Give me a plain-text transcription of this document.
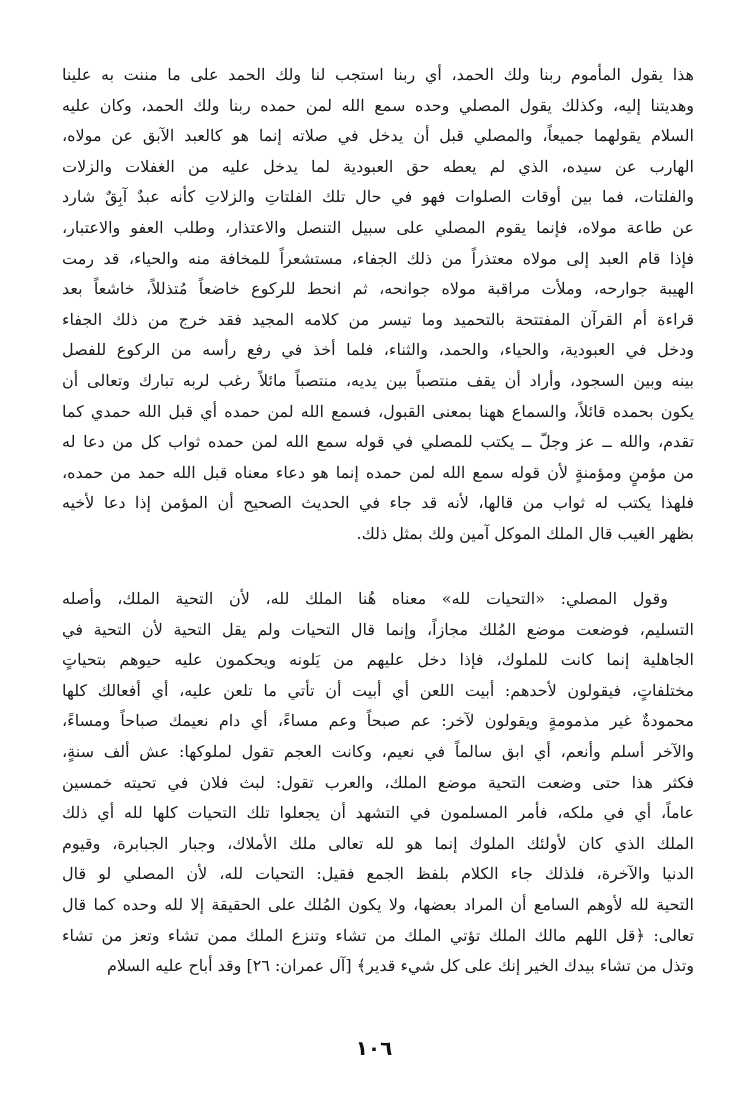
هذا يقول المأموم ربنا ولك الحمد، أي ربنا استجب لنا ولك الحمد على ما مننت به علينا
وهديتنا إليه، وكذلك يقول المصلي وحده سمع الله لمن حمده ربنا ولك الحمد، وكان عليه
السلام يقولهما جميعاً، والمصلي قبل أن يدخل في صلاته إنما هو كالعبد الآبق عن مولاه،
الهارب عن سيده، الذي لم يعطه حق العبودية لما يدخل عليه من الغفلات والزلات
والفلتات، فما بين أوقات الصلوات فهو في حال تلك الفلتاتِ والزلاتِ كأنه عبدٌ آبِقٌ شارد
عن طاعة مولاه، فإنما يقوم المصلي على سبيل التنصل والاعتذار، وطلب العفو والاعتبار،
فإذا قام العبد إلى مولاه معتذراً من ذلك الجفاء، مستشعراً للمخافة منه والحياء، قد رمت
الهيبة جوارحه، وملأت مراقبة مولاه جوانحه، ثم انحط للركوع خاضعاً مُتذللاً، خاشعاً بعد
قراءة أم القرآن المفتتحة بالتحميد وما تيسر من كلامه المجيد فقد خرج من ذلك الجفاء
ودخل في العبودية، والحياء، والحمد، والثناء، فلما أخذ في رفع رأسه من الركوع للفصل
بينه وبين السجود، وأراد أن يقف منتصباً بين يديه، منتصباً مائلاً رغب لربه تبارك وتعالى أن
يكون بحمده قائلاً، والسماع ههنا بمعنى القبول، فسمع الله لمن حمده أي قبل الله حمدي كما
تقدم، والله ــ عز وجلّ ــ يكتب للمصلي في قوله سمع الله لمن حمده ثواب كل من دعا له
من مؤمنٍ ومؤمنةٍ لأن قوله سمع الله لمن حمده إنما هو دعاء معناه قبل الله حمد من حمده،
فلهذا يكتب له ثواب من قالها، لأنه قد جاء في الحديث الصحيح أن المؤمن إذا دعا لأخيه
بظهر الغيب قال الملك الموكل آمين ولك بمثل ذلك.
وقول المصلي: «التحيات لله» معناه هُنا الملك لله، لأن التحية الملك، وأصله
التسليم، فوضعت موضع المُلك مجازاً، وإنما قال التحيات ولم يقل التحية لأن التحية في
الجاهلية إنما كانت للملوك، فإذا دخل عليهم من يَلونه ويحكمون عليه حيوهم بتحياتٍ
مختلفاتٍ، فيقولون لأحدهم: أبيت اللعن أي أبيت أن تأتي ما تلعن عليه، أي أفعالك كلها
محمودةٌ غير مذمومةٍ ويقولون لآخر: عم صبحاً وعم مساءً، أي دام نعيمك صباحاً ومساءً،
والآخر أسلم وأنعم، أي ابق سالماً في نعيم، وكانت العجم تقول لملوكها: عش ألف سنةٍ،
فكثر هذا حتى وضعت التحية موضع الملك، والعرب تقول: لبث فلان في تحيته خمسين
عاماً، أي في ملكه، فأمر المسلمون في التشهد أن يجعلوا تلك التحيات كلها لله أي ذلك
الملك الذي كان لأولئك الملوك إنما هو لله تعالى ملك الأملاك، وجبار الجبابرة، وقيوم
الدنيا والآخرة، فلذلك جاء الكلام بلفظ الجمع فقيل: التحيات لله، لأن المصلي لو قال
التحية لله لأوهم السامع أن المراد بعضها، ولا يكون المُلك على الحقيقة إلا لله وحده كما قال
تعالى: ﴿قل اللهم مالك الملك تؤتي الملك من تشاء وتنزع الملك ممن تشاء وتعز من تشاء
وتذل من تشاء بيدك الخير إنك على كل شيء قدير﴾ [آل عمران: ٢٦] وقد أباح عليه السلام
١٠٦
